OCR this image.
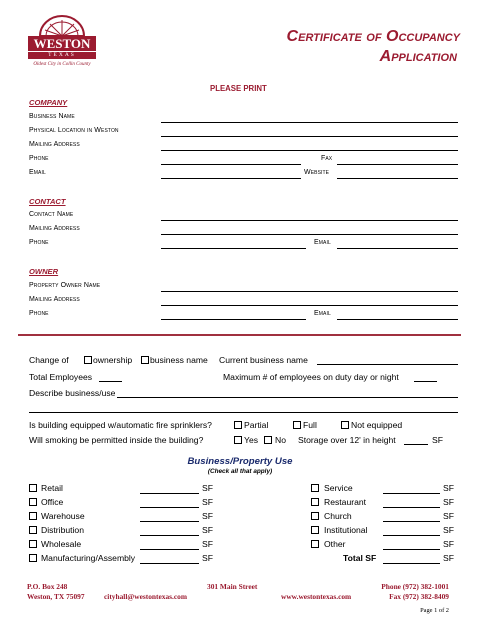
WESTON
TEXAS
Oldest City in Collin County
Certificate of Occupancy
Application
PLEASE PRINT
COMPANY
Business Name
Physical Location in Weston
Mailing Address
Phone	Fax
Email	Website
CONTACT
Contact Name
Mailing Address
Phone	Email
OWNER
Property Owner Name
Mailing Address
Phone	Email
Change of	ownership business name Current business name
Total Employees	Maximum # of employees on duty day or night
Describe business/use
Is building equipped w/automatic fire sprinklers?	Partial	Full	Not equipped
Will smoking be permitted inside the building?	Yes No Storage over 12' in height	SF
Business/Property Use
(Check all that apply)
Retail	SF
Office	SF
Warehouse	SF
Distribution	SF
Wholesale	SF
Manufacturing/Assembly	SF
Service	SF
Restaurant	SF
Church	SF
Institutional	SF
Other	SF
Total SF	SF
P.O. Box 248
Weston, TX 75097	cityhall@westontexas.com
301 Main Street
www.westontexas.com
Phone (972) 382-1001
Fax (972) 382-8409
Page 1 of 2
